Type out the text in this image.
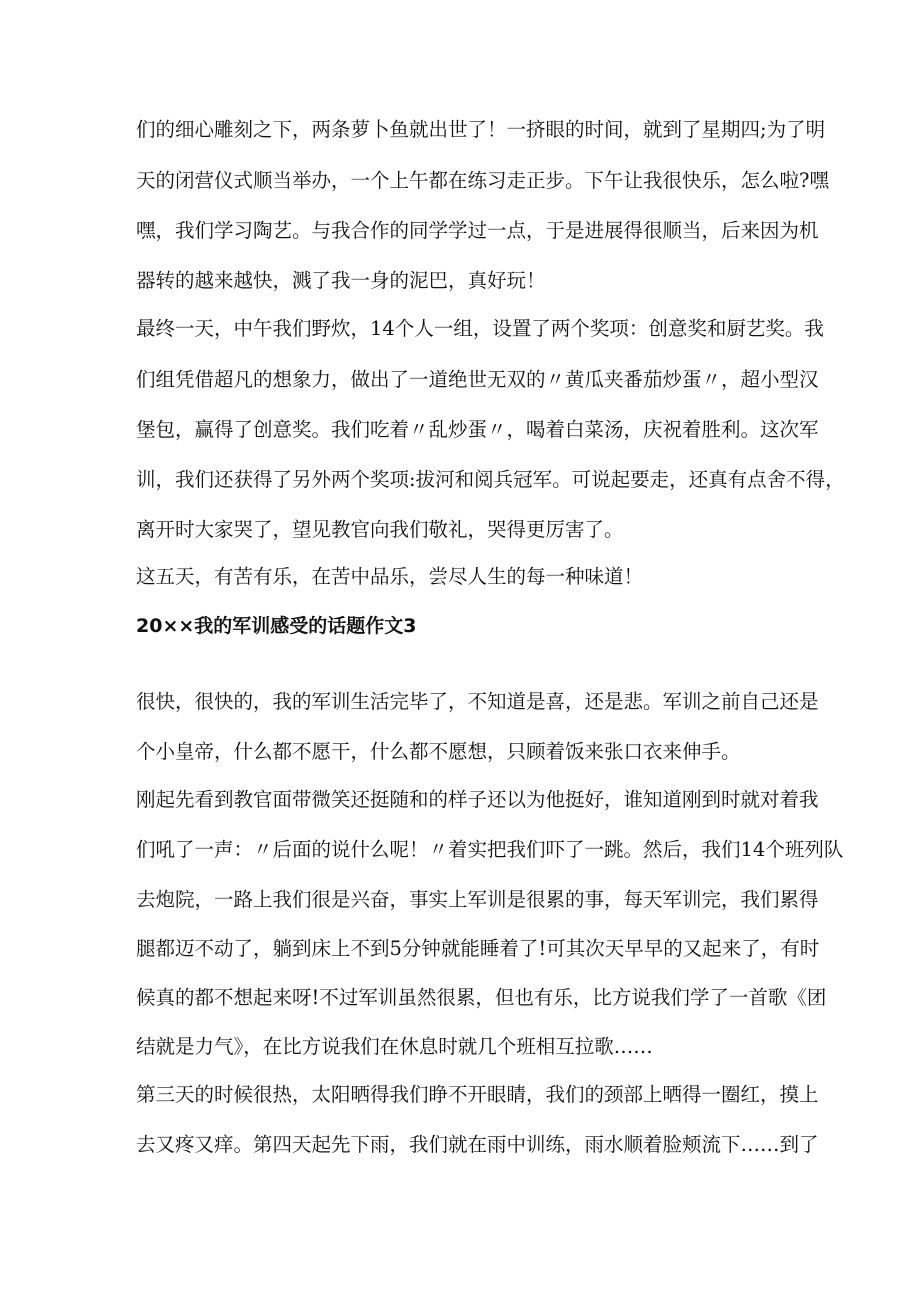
们的细心雕刻之下，两条萝卜鱼就出世了！一挤眼的时间，就到了星期四;为了明
天的闭营仪式顺当举办，一个上午都在练习走正步。下午让我很快乐，怎么啦?嘿
嘿，我们学习陶艺。与我合作的同学学过一点，于是进展得很顺当，后来因为机
器转的越来越快，溅了我一身的泥巴，真好玩！
最终一天，中午我们野炊，14个人一组，设置了两个奖项：创意奖和厨艺奖。我
们组凭借超凡的想象力，做出了一道绝世无双的〃黄瓜夹番茄炒蛋〃，超小型汉
堡包，赢得了创意奖。我们吃着〃乱炒蛋〃，喝着白菜汤，庆祝着胜利。这次军
训，我们还获得了另外两个奖项:拔河和阅兵冠军。可说起要走，还真有点舍不得，
离开时大家哭了，望见教官向我们敬礼，哭得更厉害了。
这五天，有苦有乐，在苦中品乐，尝尽人生的每一种味道！
20××我的军训感受的话题作文3
很快，很快的，我的军训生活完毕了，不知道是喜，还是悲。军训之前自己还是
个小皇帝，什么都不愿干，什么都不愿想，只顾着饭来张口衣来伸手。
刚起先看到教官面带微笑还挺随和的样子还以为他挺好，谁知道刚到时就对着我
们吼了一声：〃后面的说什么呢！〃着实把我们吓了一跳。然后，我们14个班列队
去炮院，一路上我们很是兴奋，事实上军训是很累的事，每天军训完，我们累得
腿都迈不动了，躺到床上不到5分钟就能睡着了!可其次天早早的又起来了，有时
候真的都不想起来呀!不过军训虽然很累，但也有乐，比方说我们学了一首歌《团
结就是力气》，在比方说我们在休息时就几个班相互拉歌……
第三天的时候很热，太阳晒得我们睁不开眼睛，我们的颈部上晒得一圈红，摸上
去又疼又痒。第四天起先下雨，我们就在雨中训练，雨水顺着脸颊流下……到了
